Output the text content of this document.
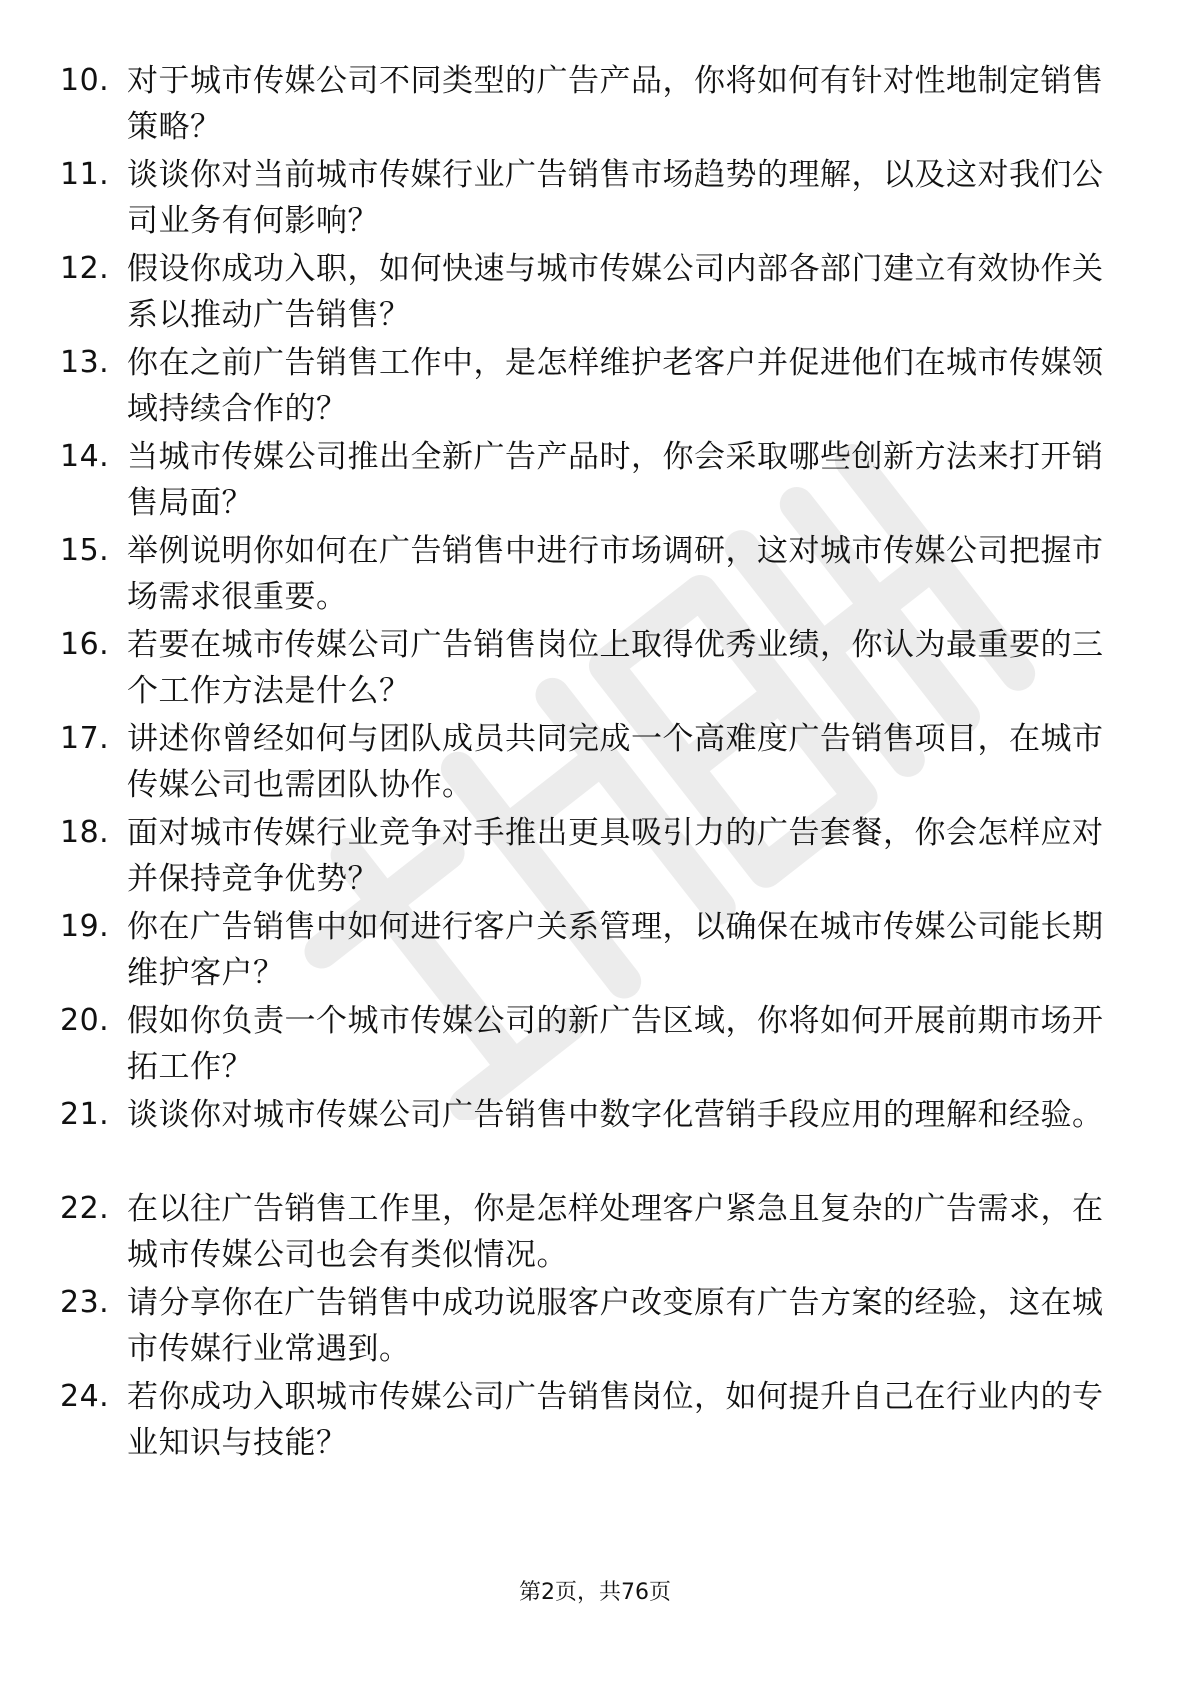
10. 对于城市传媒公司不同类型的广告产品，你将如何有针对性地制定销售策略？
11. 谈谈你对当前城市传媒行业广告销售市场趋势的理解，以及这对我们公司业务有何影响？
12. 假设你成功入职，如何快速与城市传媒公司内部各部门建立有效协作关系以推动广告销售？
13. 你在之前广告销售工作中，是怎样维护老客户并促进他们在城市传媒领域持续合作的？
14. 当城市传媒公司推出全新广告产品时，你会采取哪些创新方法来打开销售局面？
15. 举例说明你如何在广告销售中进行市场调研，这对城市传媒公司把握市场需求很重要。
16. 若要在城市传媒公司广告销售岗位上取得优秀业绩，你认为最重要的三个工作方法是什么？
17. 讲述你曾经如何与团队成员共同完成一个高难度广告销售项目，在城市传媒公司也需团队协作。
18. 面对城市传媒行业竞争对手推出更具吸引力的广告套餐，你会怎样应对并保持竞争优势？
19. 你在广告销售中如何进行客户关系管理，以确保在城市传媒公司能长期维护客户？
20. 假如你负责一个城市传媒公司的新广告区域，你将如何开展前期市场开拓工作？
21. 谈谈你对城市传媒公司广告销售中数字化营销手段应用的理解和经验。
22. 在以往广告销售工作里，你是怎样处理客户紧急且复杂的广告需求，在城市传媒公司也会有类似情况。
23. 请分享你在广告销售中成功说服客户改变原有广告方案的经验，这在城市传媒行业常遇到。
24. 若你成功入职城市传媒公司广告销售岗位，如何提升自己在行业内的专业知识与技能？
第2页，共76页
